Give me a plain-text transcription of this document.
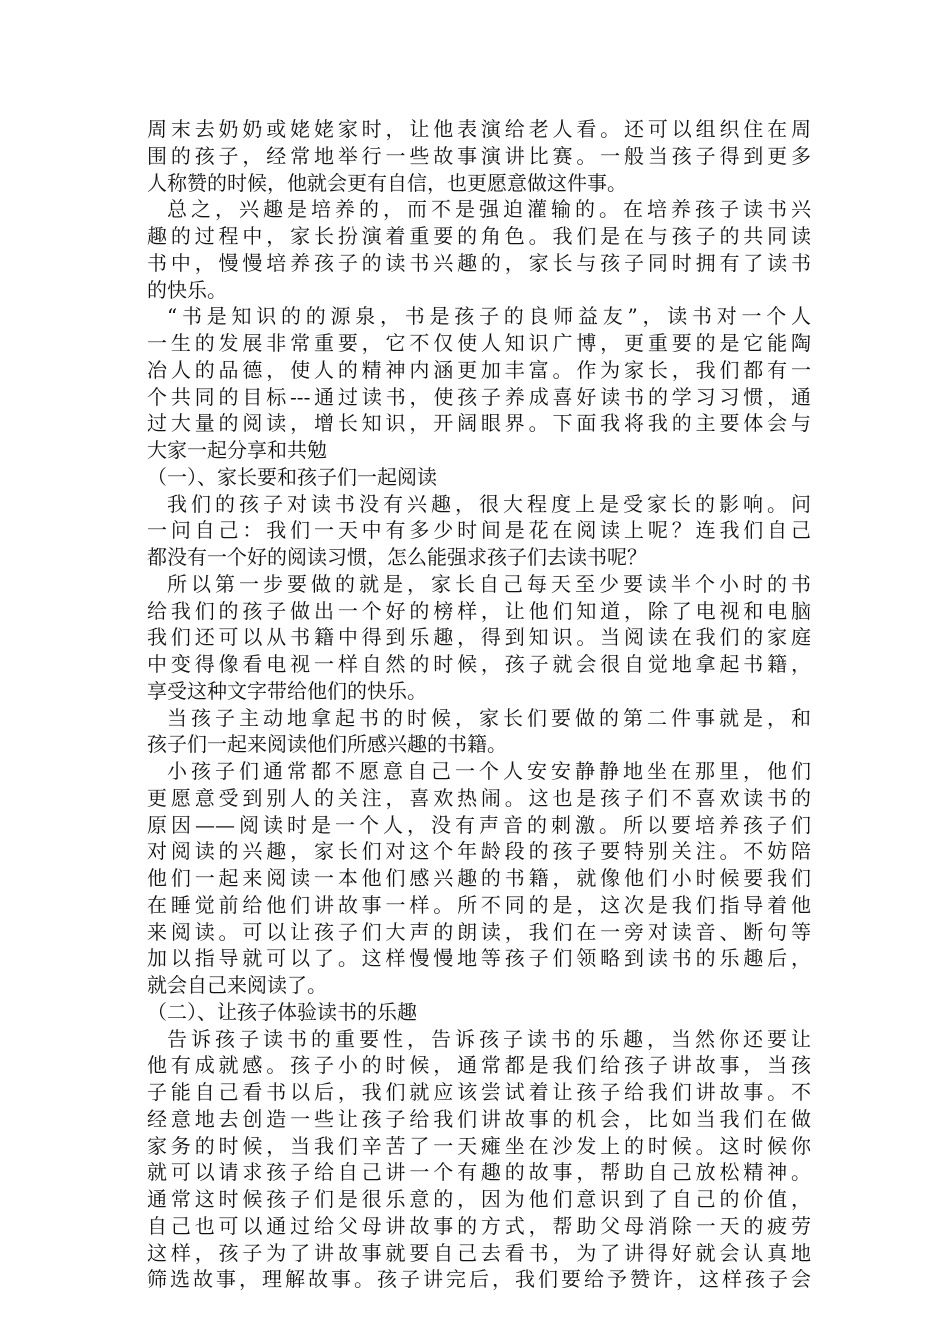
周末去奶奶或姥姥家时，让他表演给老人看。还可以组织住在周
围的孩子，经常地举行一些故事演讲比赛。一般当孩子得到更多
人称赞的时候，他就会更有自信，也更愿意做这件事。
总之，兴趣是培养的，而不是强迫灌输的。在培养孩子读书兴
趣的过程中，家长扮演着重要的角色。我们是在与孩子的共同读
书中，慢慢培养孩子的读书兴趣的，家长与孩子同时拥有了读书
的快乐。
“书是知识的的源泉，书是孩子的良师益友”，读书对一个人
一生的发展非常重要，它不仅使人知识广博，更重要的是它能陶
冶人的品德，使人的精神内涵更加丰富。作为家长，我们都有一
个共同的目标---通过读书，使孩子养成喜好读书的学习习惯，通
过大量的阅读，增长知识，开阔眼界。下面我将我的主要体会与
大家一起分享和共勉
（一）、家长要和孩子们一起阅读
我们的孩子对读书没有兴趣，很大程度上是受家长的影响。问
一问自己：我们一天中有多少时间是花在阅读上呢？连我们自己
都没有一个好的阅读习惯，怎么能强求孩子们去读书呢？
所以第一步要做的就是，家长自己每天至少要读半个小时的书
给我们的孩子做出一个好的榜样，让他们知道，除了电视和电脑
我们还可以从书籍中得到乐趣，得到知识。当阅读在我们的家庭
中变得像看电视一样自然的时候，孩子就会很自觉地拿起书籍，
享受这种文字带给他们的快乐。
当孩子主动地拿起书的时候，家长们要做的第二件事就是，和
孩子们一起来阅读他们所感兴趣的书籍。
小孩子们通常都不愿意自己一个人安安静静地坐在那里，他们
更愿意受到别人的关注，喜欢热闹。这也是孩子们不喜欢读书的
原因——阅读时是一个人，没有声音的刺激。所以要培养孩子们
对阅读的兴趣，家长们对这个年龄段的孩子要特别关注。不妨陪
他们一起来阅读一本他们感兴趣的书籍，就像他们小时候要我们
在睡觉前给他们讲故事一样。所不同的是，这次是我们指导着他
来阅读。可以让孩子们大声的朗读，我们在一旁对读音、断句等
加以指导就可以了。这样慢慢地等孩子们领略到读书的乐趣后，
就会自己来阅读了。
（二）、让孩子体验读书的乐趣
告诉孩子读书的重要性，告诉孩子读书的乐趣，当然你还要让
他有成就感。孩子小的时候，通常都是我们给孩子讲故事，当孩
子能自己看书以后，我们就应该尝试着让孩子给我们讲故事。不
经意地去创造一些让孩子给我们讲故事的机会，比如当我们在做
家务的时候，当我们辛苦了一天瘫坐在沙发上的时候。这时候你
就可以请求孩子给自己讲一个有趣的故事，帮助自己放松精神。
通常这时候孩子们是很乐意的，因为他们意识到了自己的价值，
自己也可以通过给父母讲故事的方式，帮助父母消除一天的疲劳
这样，孩子为了讲故事就要自己去看书，为了讲得好就会认真地
筛选故事，理解故事。孩子讲完后，我们要给予赞许，这样孩子会
